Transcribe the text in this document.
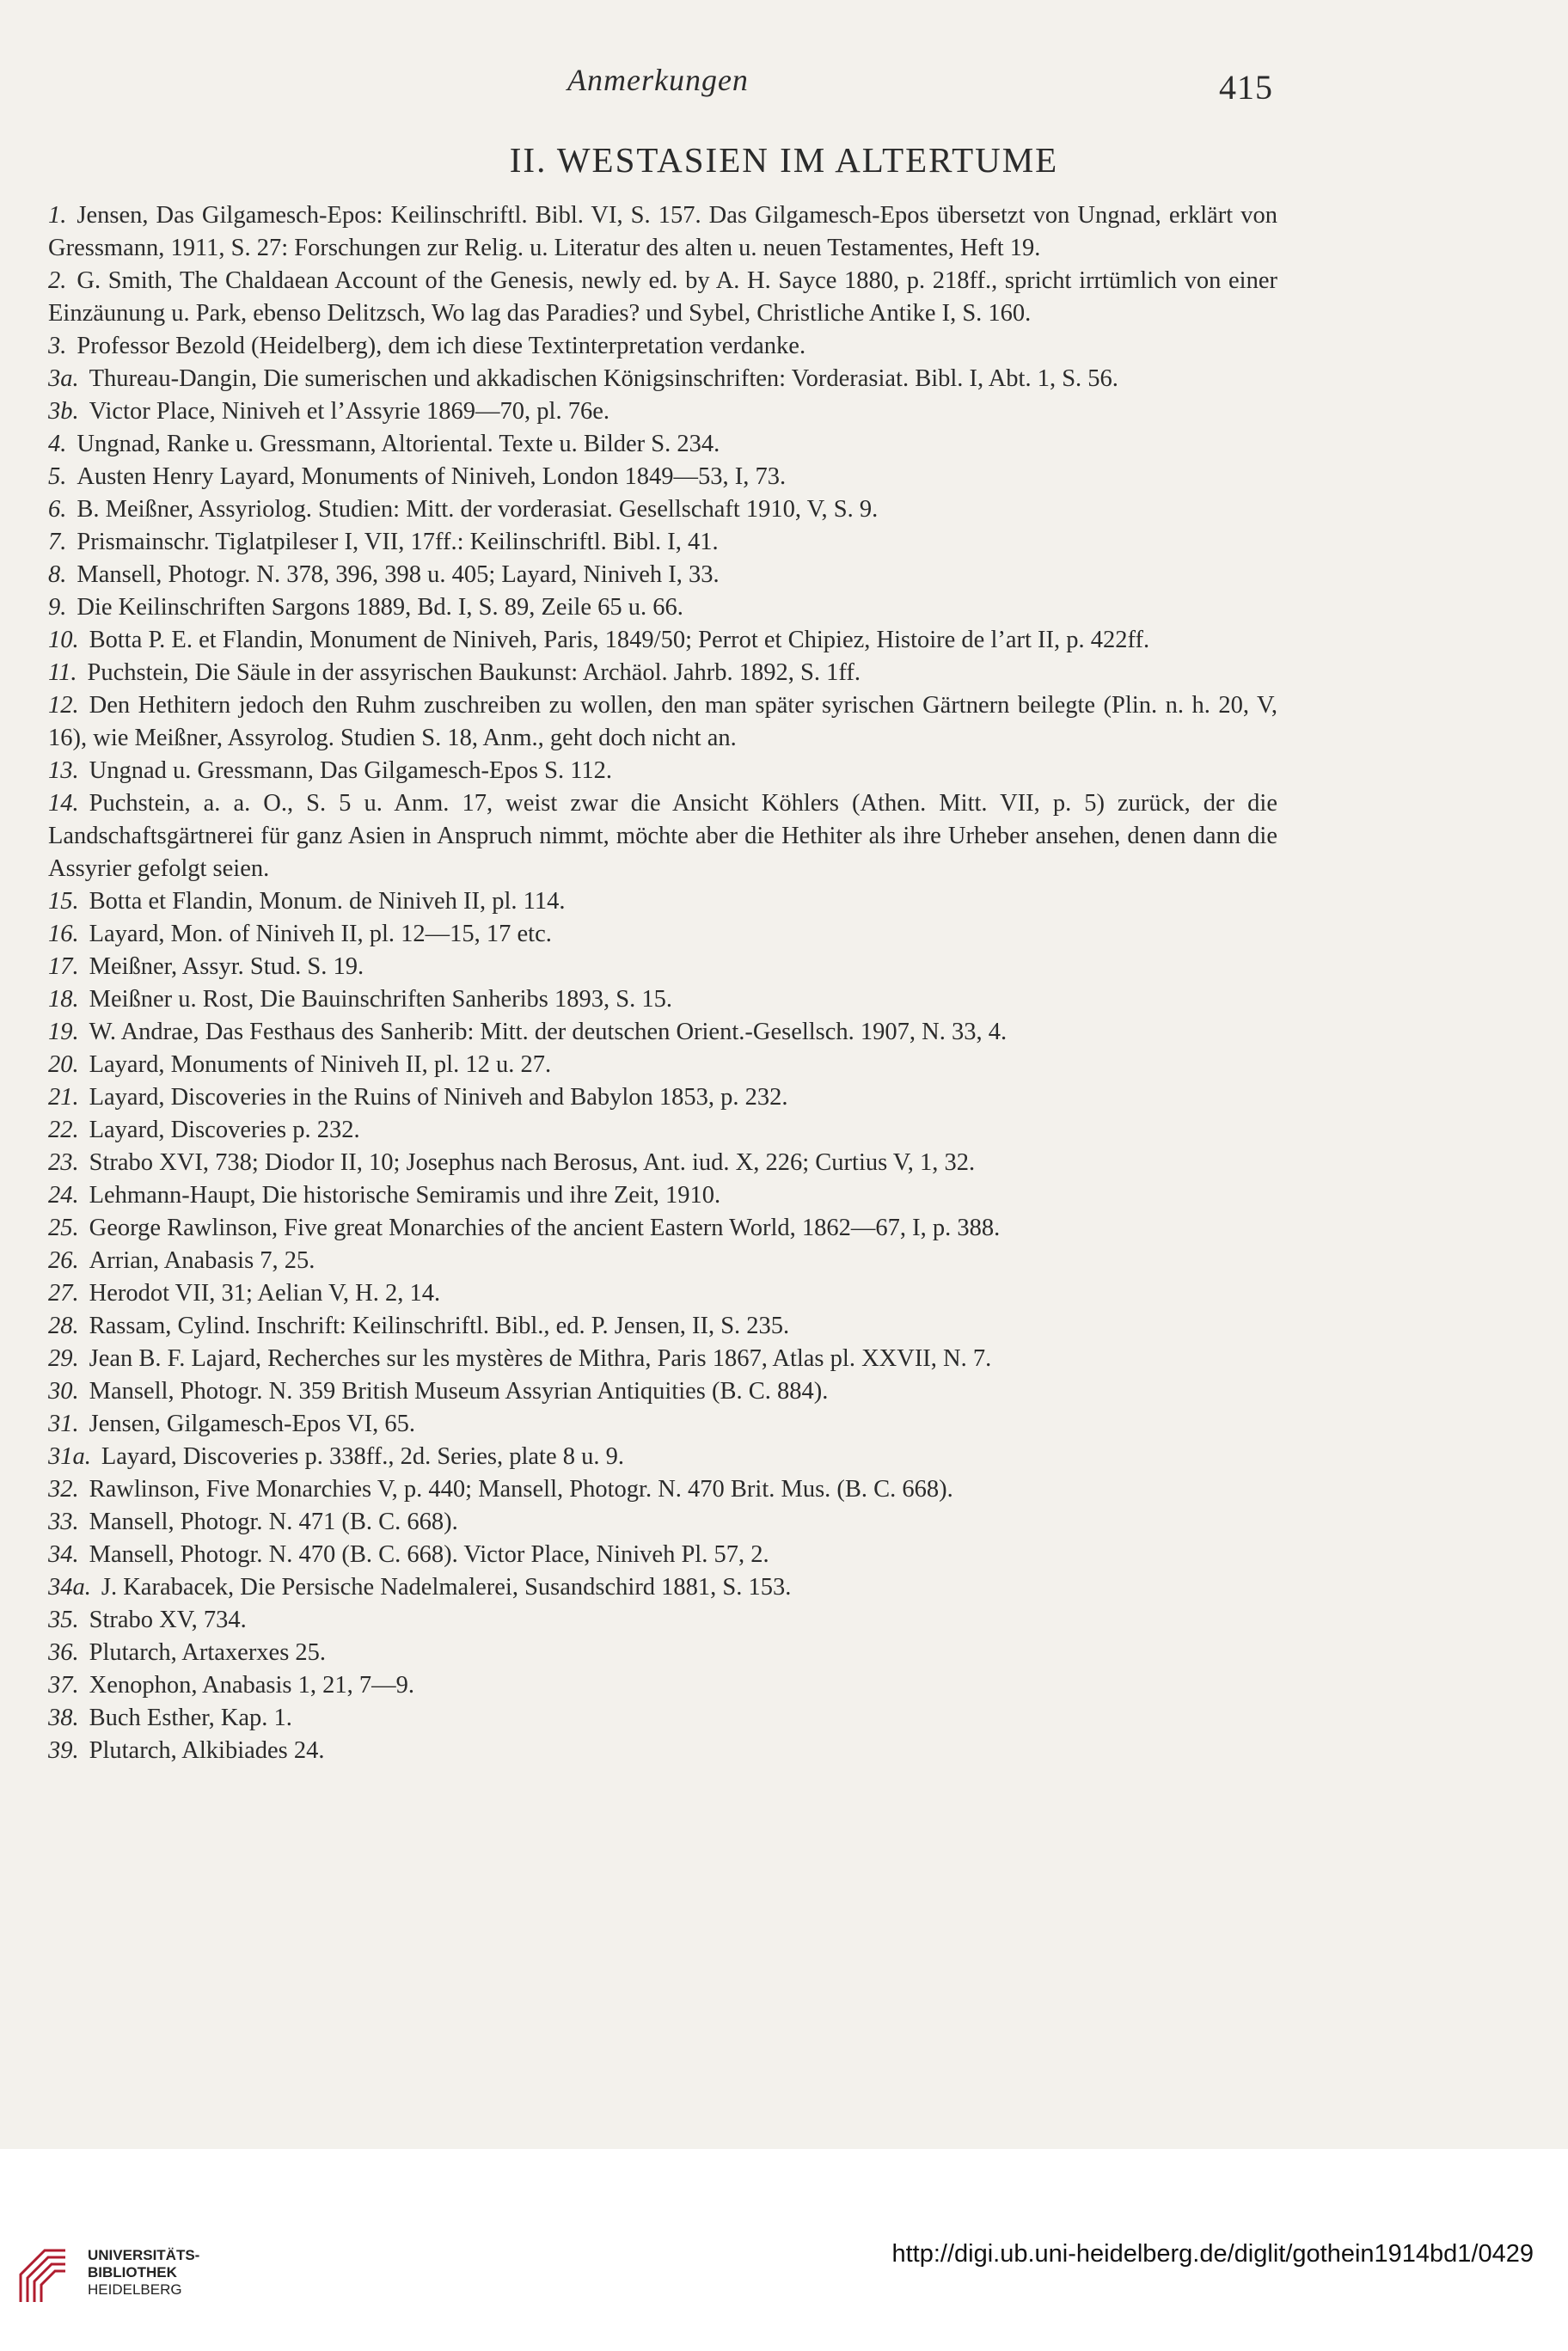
Anmerkungen	415
II. WESTASIEN IM ALTERTUME
1. Jensen, Das Gilgamesch-Epos: Keilinschriftl. Bibl. VI, S. 157. Das Gilgamesch-Epos übersetzt von Ungnad, erklärt von Gressmann, 1911, S. 27: Forschungen zur Relig. u. Literatur des alten u. neuen Testamentes, Heft 19.
2. G. Smith, The Chaldaean Account of the Genesis, newly ed. by A. H. Sayce 1880, p. 218ff., spricht irrtümlich von einer Einzäunung u. Park, ebenso Delitzsch, Wo lag das Paradies? und Sybel, Christliche Antike I, S. 160.
3. Professor Bezold (Heidelberg), dem ich diese Textinterpretation verdanke.
3a. Thureau-Dangin, Die sumerischen und akkadischen Königsinschriften: Vorderasiat. Bibl. I, Abt. 1, S. 56.
3b. Victor Place, Niniveh et l’Assyrie 1869—70, pl. 76e.
4. Ungnad, Ranke u. Gressmann, Altoriental. Texte u. Bilder S. 234.
5. Austen Henry Layard, Monuments of Niniveh, London 1849—53, I, 73.
6. B. Meißner, Assyriolog. Studien: Mitt. der vorderasiat. Gesellschaft 1910, V, S. 9.
7. Prismainschr. Tiglatpileser I, VII, 17ff.: Keilinschriftl. Bibl. I, 41.
8. Mansell, Photogr. N. 378, 396, 398 u. 405; Layard, Niniveh I, 33.
9. Die Keilinschriften Sargons 1889, Bd. I, S. 89, Zeile 65 u. 66.
10. Botta P. E. et Flandin, Monument de Niniveh, Paris, 1849/50; Perrot et Chipiez, Histoire de l’art II, p. 422ff.
11. Puchstein, Die Säule in der assyrischen Baukunst: Archäol. Jahrb. 1892, S. 1ff.
12. Den Hethitern jedoch den Ruhm zuschreiben zu wollen, den man später syrischen Gärtnern beilegte (Plin. n. h. 20, V, 16), wie Meißner, Assyrolog. Studien S. 18, Anm., geht doch nicht an.
13. Ungnad u. Gressmann, Das Gilgamesch-Epos S. 112.
14. Puchstein, a. a. O., S. 5 u. Anm. 17, weist zwar die Ansicht Köhlers (Athen. Mitt. VII, p. 5) zurück, der die Landschaftsgärtnerei für ganz Asien in Anspruch nimmt, möchte aber die Hethiter als ihre Urheber ansehen, denen dann die Assyrier gefolgt seien.
15. Botta et Flandin, Monum. de Niniveh II, pl. 114.
16. Layard, Mon. of Niniveh II, pl. 12—15, 17 etc.
17. Meißner, Assyr. Stud. S. 19.
18. Meißner u. Rost, Die Bauinschriften Sanheribs 1893, S. 15.
19. W. Andrae, Das Festhaus des Sanherib: Mitt. der deutschen Orient.-Gesellsch. 1907, N. 33, 4.
20. Layard, Monuments of Niniveh II, pl. 12 u. 27.
21. Layard, Discoveries in the Ruins of Niniveh and Babylon 1853, p. 232.
22. Layard, Discoveries p. 232.
23. Strabo XVI, 738; Diodor II, 10; Josephus nach Berosus, Ant. iud. X, 226; Curtius V, 1, 32.
24. Lehmann-Haupt, Die historische Semiramis und ihre Zeit, 1910.
25. George Rawlinson, Five great Monarchies of the ancient Eastern World, 1862—67, I, p. 388.
26. Arrian, Anabasis 7, 25.
27. Herodot VII, 31; Aelian V, H. 2, 14.
28. Rassam, Cylind. Inschrift: Keilinschriftl. Bibl., ed. P. Jensen, II, S. 235.
29. Jean B. F. Lajard, Recherches sur les mystères de Mithra, Paris 1867, Atlas pl. XXVII, N. 7.
30. Mansell, Photogr. N. 359 British Museum Assyrian Antiquities (B. C. 884).
31. Jensen, Gilgamesch-Epos VI, 65.
31a. Layard, Discoveries p. 338ff., 2d. Series, plate 8 u. 9.
32. Rawlinson, Five Monarchies V, p. 440; Mansell, Photogr. N. 470 Brit. Mus. (B. C. 668).
33. Mansell, Photogr. N. 471 (B. C. 668).
34. Mansell, Photogr. N. 470 (B. C. 668). Victor Place, Niniveh Pl. 57, 2.
34a. J. Karabacek, Die Persische Nadelmalerei, Susandschird 1881, S. 153.
35. Strabo XV, 734.
36. Plutarch, Artaxerxes 25.
37. Xenophon, Anabasis 1, 21, 7—9.
38. Buch Esther, Kap. 1.
39. Plutarch, Alkibiades 24.
UNIVERSITÄTS-
BIBLIOTHEK
HEIDELBERG
http://digi.ub.uni-heidelberg.de/diglit/gothein1914bd1/0429
